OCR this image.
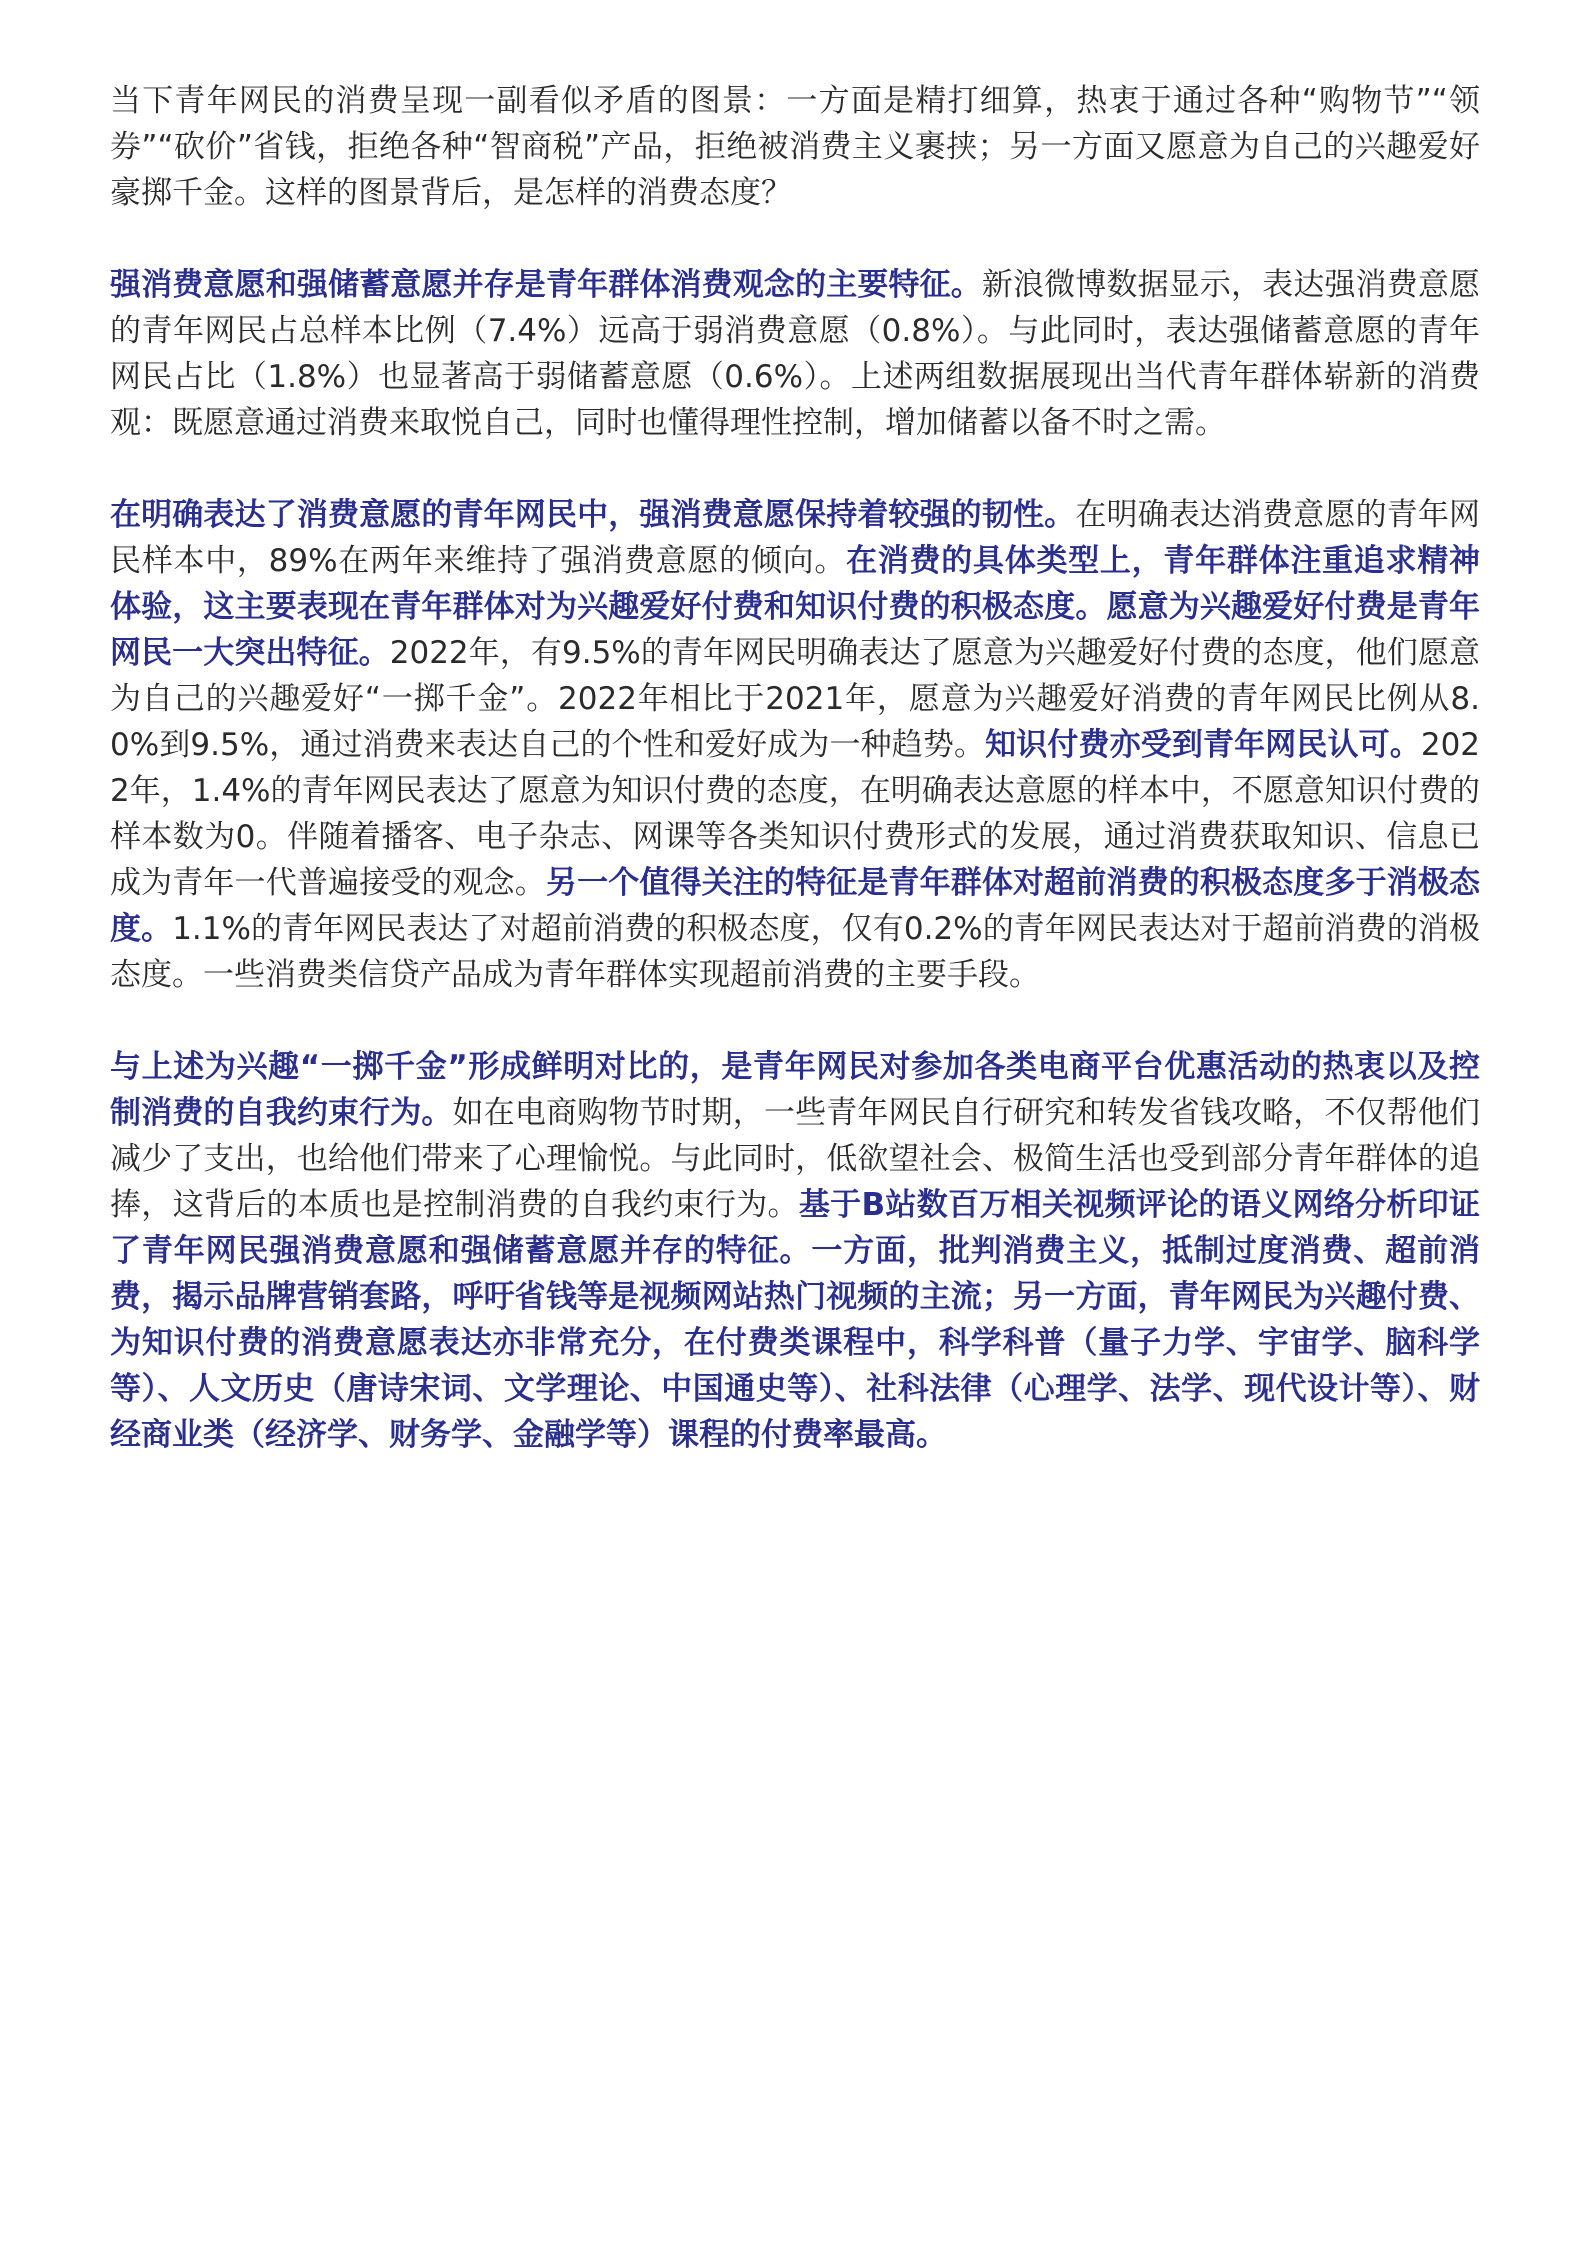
当下青年网民的消费呈现一副看似矛盾的图景：一方面是精打细算，热衷于通过各种“购物节”“领券”“砍价”省钱，拒绝各种“智商税”产品，拒绝被消费主义裹挟；另一方面又愿意为自己的兴趣爱好豪掷千金。这样的图景背后，是怎样的消费态度？

强消费意愿和强储蓄意愿并存是青年群体消费观念的主要特征。新浪微博数据显示，表达强消费意愿的青年网民占总样本比例（7.4%）远高于弱消费意愿（0.8%）。与此同时，表达强储蓄意愿的青年网民占比（1.8%）也显著高于弱储蓄意愿（0.6%）。上述两组数据展现出当代青年群体崭新的消费观：既愿意通过消费来取悦自己，同时也懂得理性控制，增加储蓄以备不时之需。

在明确表达了消费意愿的青年网民中，强消费意愿保持着较强的韧性。在明确表达消费意愿的青年网民样本中，89%在两年来维持了强消费意愿的倾向。在消费的具体类型上，青年群体注重追求精神体验，这主要表现在青年群体对为兴趣爱好付费和知识付费的积极态度。愿意为兴趣爱好付费是青年网民一大突出特征。2022年，有9.5%的青年网民明确表达了愿意为兴趣爱好付费的态度，他们愿意为自己的兴趣爱好“一掷千金”。2022年相比于2021年，愿意为兴趣爱好消费的青年网民比例从8.0%到9.5%，通过消费来表达自己的个性和爱好成为一种趋势。知识付费亦受到青年网民认可。2022年，1.4%的青年网民表达了愿意为知识付费的态度，在明确表达意愿的样本中，不愿意知识付费的样本数为0。伴随着播客、电子杂志、网课等各类知识付费形式的发展，通过消费获取知识、信息已成为青年一代普遍接受的观念。另一个值得关注的特征是青年群体对超前消费的积极态度多于消极态度。1.1%的青年网民表达了对超前消费的积极态度，仅有0.2%的青年网民表达对于超前消费的消极态度。一些消费类信贷产品成为青年群体实现超前消费的主要手段。

与上述为兴趣“一掷千金”形成鲜明对比的，是青年网民对参加各类电商平台优惠活动的热衷以及控制消费的自我约束行为。如在电商购物节时期，一些青年网民自行研究和转发省钱攻略，不仅帮他们减少了支出，也给他们带来了心理愉悦。与此同时，低欲望社会、极简生活也受到部分青年群体的追捧，这背后的本质也是控制消费的自我约束行为。基于B站数百万相关视频评论的语义网络分析印证了青年网民强消费意愿和强储蓄意愿并存的特征。一方面，批判消费主义，抵制过度消费、超前消费，揭示品牌营销套路，呼吁省钱等是视频网站热门视频的主流；另一方面，青年网民为兴趣付费、为知识付费的消费意愿表达亦非常充分，在付费类课程中，科学科普（量子力学、宇宙学、脑科学等）、人文历史（唐诗宋词、文学理论、中国通史等）、社科法律（心理学、法学、现代设计等）、财经商业类（经济学、财务学、金融学等）课程的付费率最高。
